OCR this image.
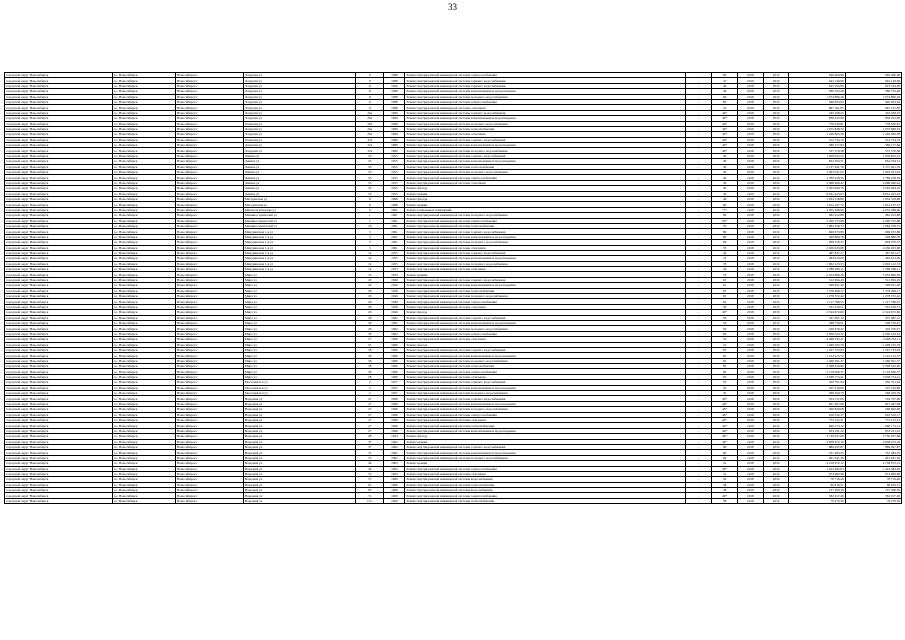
33
городской округ Новосибирск	г.о. Новосибирск	Новосибирск г	Лазурная ул	9	1988	Ремонт внутридомовой инженерной системы электроснабжения	-	60	2018	2019	949 460,98	949 460,98
городской округ Новосибирск	г.о. Новосибирск	Новосибирск г	Лазурная ул	9	1988	Ремонт внутридомовой инженерной системы горячего водоснабжения	-	47	2019	2019	944 149,69	944 149,69
городской округ Новосибирск	г.о. Новосибирск	Новосибирск г	Лазурная ул	11	1990	Ремонт внутридомовой инженерной системы горячего водоснабжения	-	46	2018	2019	623 794,99	623 794,99
городской округ Новосибирск	г.о. Новосибирск	Новосибирск г	Лазурная ул	11	1989	Ремонт внутридомовой инженерной системы канализования и водоотведения	-	46	2018	2019	580 763,48	580 763,48
городской округ Новосибирск	г.о. Новосибирск	Новосибирск г	Лазурная ул	11	1988	Ремонт внутридомовой инженерной системы холодного водоснабжения	-	60	2018	2019	1 074 896,26	1 074 896,26
городской округ Новосибирск	г.о. Новосибирск	Новосибирск г	Лазурная ул	11	1988	Ремонт внутридомовой инженерной системы электроснабжения	-	60	2018	2019	940 003,04	940 003,04
городской округ Новосибирск	г.о. Новосибирск	Новосибирск г	Лазурная ул	11	1988	Ремонт внутридомовой инженерной системы отопления	-	41	2018	2019	687 161,85	687 161,85
городской округ Новосибирск	г.о. Новосибирск	Новосибирск г	Лазурная ул	26а	1999	Ремонт внутридомовой инженерной системы горячего водоснабжения	-	46*	2018	2019	435 458,25	435 458,25
городской округ Новосибирск	г.о. Новосибирск	Новосибирск г	Лазурная ул	26а	1999	Ремонт внутридомовой инженерной системы канализования и водоотведения	-	49*	2018	2019	858 222,99	858 222,99
городской округ Новосибирск	г.о. Новосибирск	Новосибирск г	Лазурная ул	26а	1999	Ремонт внутридомовой инженерной системы холодного водоснабжения	-	46*	2018	2019	778 330,81	778 330,81
городской округ Новосибирск	г.о. Новосибирск	Новосибирск г	Лазурная ул	26а	1999	Ремонт внутридомовой инженерной системы теплоснабжения	-	40*	2019	2019	1 075 848,33	1 075 848,33
городской округ Новосибирск	г.о. Новосибирск	Новосибирск г	Лазурная ул	26а	1999	Ремонт внутридомовой инженерной системы отопления	-	40*	2019	2019	1 246 663,58	1 246 663,58
городской округ Новосибирск	г.о. Новосибирск	Новосибирск г	Лазурная ул	32а	1980	Ремонт внутридомовой инженерной системы горячего водоснабжения	-	46*	2018	2019	472 754,79	472 754,79
городской округ Новосибирск	г.о. Новосибирск	Новосибирск г	Лазурная ул	32а	1980	Ремонт внутридомовой инженерной системы канализования и водоотведения	-	49*	2018	2019	580 177,84	580 177,84
городской округ Новосибирск	г.о. Новосибирск	Новосибирск г	Лазурная ул	32а	1980	Ремонт внутридомовой инженерной системы холодного водоснабжения	-	46*	2018	2019	537 570,38	537 570,38
городской округ Новосибирск	г.о. Новосибирск	Новосибирск г	Ленина ул	53	1955	Ремонт внутридомовой инженерной системы горячего водоснабжения	-	30	2018	2019	1 058 652,22	1 058 652,22
городской округ Новосибирск	г.о. Новосибирск	Новосибирск г	Ленина ул	53	1955	Ремонт внутридомовой инженерной системы канализования и водоотведения	-	30	2018	2019	854 764,51	854 764,51
городской округ Новосибирск	г.о. Новосибирск	Новосибирск г	Ленина ул	53	1955	Ремонт внутридомовой инженерной системы теплоснабжения	-	30	2018	2019	2 137 941,76	2 137 941,76
городской округ Новосибирск	г.о. Новосибирск	Новосибирск г	Ленина ул	53	1955	Ремонт внутридомовой инженерной системы холодного водоснабжения	-	30	2018	2019	1 293 031,92	1 293 031,92
городской округ Новосибирск	г.о. Новосибирск	Новосибирск г	Ленина ул	53	1955	Ремонт внутридомовой инженерной системы электроснабжения	-	30	2018	2019	1 789 258,59	1 789 258,59
городской округ Новосибирск	г.о. Новосибирск	Новосибирск г	Ленина ул	53	1955	Ремонт внутридомовой инженерной системы отопления	-	30	2019	2019	2 068 490,42	2 068 490,42
городской округ Новосибирск	г.о. Новосибирск	Новосибирск г	Ленина ул	53	1955	Ремонт фасада	-	30	2018	2019	5 563 094,76	5 563 094,76
городской округ Новосибирск	г.о. Новосибирск	Новосибирск г	Ленина ул	53	1955	Ремонт крыши	-	30	2019	2019	8 031 423,03	8 031 423,03
городской округ Новосибирск	г.о. Новосибирск	Новосибирск г	Магаданская ул	8	1988	Ремонт фасада	-	49	2018	2019	1 934 518,86	1 934 518,86
городской округ Новосибирск	г.о. Новосибирск	Новосибирск г	Магаданская ул	8	1988	Ремонт крыши	-	60	2018	2019	1 814 197,72	1 814 197,72
городской округ Новосибирск	г.о. Новосибирск	Новосибирск г	Маршала Говорова ул	9	1961	Ремонт подвальных помещений	-	77*	2018	2019	4 055 498,06	4 055 498,06
городской округ Новосибирск	г.о. Новосибирск	Новосибирск г	Машиностроителей ул	1	1961	Ремонт внутридомовой инженерной системы холодного водоснабжения	-	80	2018	2019	482 912,88	482 912,88
городской округ Новосибирск	г.о. Новосибирск	Новосибирск г	Машиностроителей ул	1	1961	Ремонт внутридомовой инженерной системы электроснабжения	-	60*	2018	2019	2 260 375,68	2 260 375,68
городской округ Новосибирск	г.о. Новосибирск	Новосибирск г	Машиностроителей ул	16	1961	Ремонт внутридомовой инженерной системы теплоснабжения	-	70	2018	2019	1 084 358,72	1 084 358,72
городской округ Новосибирск	г.о. Новосибирск	Новосибирск г	Мичуринская 1-я ул	3	1961	Ремонт внутридомовой инженерной системы горячего водоснабжения	-	80	2018	2019	669 673,86	669 673,86
городской округ Новосибирск	г.о. Новосибирск	Новосибирск г	Мичуринская 1-я ул	3	1961	Ремонт внутридомовой инженерной системы канализования и водоотведения	-	80	2018	2019	598 880,78	598 880,78
городской округ Новосибирск	г.о. Новосибирск	Новосибирск г	Мичуринская 1-я ул	3	1961	Ремонт внутридомовой инженерной системы холодного водоснабжения	-	69	2018	2019	828 370,37	828 370,37
городской округ Новосибирск	г.о. Новосибирск	Новосибирск г	Мичуринская 1-я ул	3	1961	Ремонт внутридомовой инженерной системы отопления	-	70	2018	2019	2 456 023,68	2 456 023,68
городской округ Новосибирск	г.о. Новосибирск	Новосибирск г	Мичуринская 1-я ул	14	1955	Ремонт внутридомовой инженерной системы горячего водоснабжения	-	30	2018	2019	487 831,27	487 831,27
городской округ Новосибирск	г.о. Новосибирск	Новосибирск г	Мичуринская 1-я ул	14	1955	Ремонт внутридомовой инженерной системы канализования и водоотведения	-	31	2018	2019	494 613,09	494 613,09
городской округ Новосибирск	г.о. Новосибирск	Новосибирск г	Мичуринская 1-я ул	14	1955	Ремонт внутридомовой инженерной системы холодного водоснабжения	-	78	2018	2019	1 002 123,53	1 002 123,53
городской округ Новосибирск	г.о. Новосибирск	Новосибирск г	Мичуринская 1-я ул	14	1955	Ремонт внутридомовой инженерной системы отопления	-	30	2018	2019	1 280 296,11	1 280 296,11
городской округ Новосибирск	г.о. Новосибирск	Новосибирск г	Мира ул	16	1953	Ремонт крыши	-	70	2018	2019	5 452 896,36	5 452 896,36
городской округ Новосибирск	г.о. Новосибирск	Новосибирск г	Мира ул	29	1949	Ремонт внутридомовой инженерной системы горячего водоснабжения	-	65	2018	2019	512 994,29	512 994,29
городской округ Новосибирск	г.о. Новосибирск	Новосибирск г	Мира ул	29	1949	Ремонт внутридомовой инженерной системы канализования и водоотведения	-	61	2018	2019	599 631,46	599 631,46
городской округ Новосибирск	г.о. Новосибирск	Новосибирск г	Мира ул	29	1949	Ремонт внутридомовой инженерной системы теплоснабжения	-	65	2018	2019	1 378 208,17	1 378 208,17
городской округ Новосибирск	г.о. Новосибирск	Новосибирск г	Мира ул	29	1949	Ремонт внутридомовой инженерной системы холодного водоснабжения	-	65	2018	2019	1 278 372,42	1 278 372,42
городской округ Новосибирск	г.о. Новосибирск	Новосибирск г	Мира ул	29	1949	Ремонт внутридомовой инженерной системы электроснабжения	-	65	2018	2019	1 117 786,55	1 117 786,55
городской округ Новосибирск	г.о. Новосибирск	Новосибирск г	Мира ул	29	1949	Ремонт внутридомовой инженерной системы отопления	-	59	2018	2019	761 018,51	761 018,51
городской округ Новосибирск	г.о. Новосибирск	Новосибирск г	Мира ул	29	1949	Ремонт фасада	-	40*	2018	2019	2 524 672,69	2 524 672,69
городской округ Новосибирск	г.о. Новосибирск	Новосибирск г	Мира ул	36	1962	Ремонт внутридомовой инженерной системы горячего водоснабжения	-	56	2018	2019	337 487,12	337 487,12
городской округ Новосибирск	г.о. Новосибирск	Новосибирск г	Мира ул	36	1962	Ремонт внутридомовой инженерной системы канализования и водоотведения	-	56	2018	2019	298 756,91	298 756,91
городской округ Новосибирск	г.о. Новосибирск	Новосибирск г	Мира ул	36	1962	Ремонт внутридомовой инженерной системы холодного водоснабжения	-	59	2018	2019	320 470,47	320 470,47
городской округ Новосибирск	г.о. Новосибирск	Новосибирск г	Мира ул	36	1962	Ремонт внутридомовой инженерной системы электроснабжения	-	60	2018	2019	2 206 554,52	2 206 554,52
городской округ Новосибирск	г.о. Новосибирск	Новосибирск г	Мира ул	57	1966	Ремонт внутридомовой инженерной системы отопления	-	32	2018	2019	4 468 232,11	4 468 232,11
городской округ Новосибирск	г.о. Новосибирск	Новосибирск г	Мира ул	57	1966	Ремонт фасада	-	31	2018	2019	1 299 195,76	1 299 195,76
городской округ Новосибирск	г.о. Новосибирск	Новосибирск г	Мира ул	58	1966	Ремонт внутридомовой инженерной системы горячего водоснабжения	-	65	2018	2019	1 167 723,03	1 167 723,03
городской округ Новосибирск	г.о. Новосибирск	Новосибирск г	Мира ул	58	1966	Ремонт внутридомовой инженерной системы канализования и водоотведения	-	65	2018	2019	1 124 123,72	1 124 123,72
городской округ Новосибирск	г.о. Новосибирск	Новосибирск г	Мира ул	58	1966	Ремонт внутридомовой инженерной системы холодного водоснабжения	-	65	2018	2019	1 266 591,37	1 266 591,37
городской округ Новосибирск	г.о. Новосибирск	Новосибирск г	Мира ул	58	1966	Ремонт внутридомовой инженерной системы теплоснабжения	-	65	2018	2019	2 398 619,90	2 398 619,90
городской округ Новосибирск	г.о. Новосибирск	Новосибирск г	Мира ул	58	1966	Ремонт внутридомовой инженерной системы электроснабжения	-	60	2018	2019	2 718 560,37	2 718 560,37
городской округ Новосибирск	г.о. Новосибирск	Новосибирск г	Мира ул	58	1966	Ремонт внутридомовой инженерной системы отопления	-	65	2018	2019	3 038 774,41	3 038 774,41
городской округ Новосибирск	г.о. Новосибирск	Новосибирск г	Мостовая 6-я ул	2	1957	Ремонт внутридомовой инженерной системы горячего водоснабжения	-	35	2018	2019	456 701,04	456 701,04
городской округ Новосибирск	г.о. Новосибирск	Новосибирск г	Мостовая 6-я ул	2	1957	Ремонт внутридомовой инженерной системы канализования и водоотведения	-	35	2018	2019	525 216,80	525 216,80
городской округ Новосибирск	г.о. Новосибирск	Новосибирск г	Мостовая 6-я ул	2	1957	Ремонт внутридомовой инженерной системы холодного водоснабжения	-	35	2018	2019	568 450,79	568 450,79
городской округ Новосибирск	г.о. Новосибирск	Новосибирск г	Народная ул	27	1996	Ремонт внутридомовой инженерной системы горячего водоснабжения	-	46*	2018	2019	704 737,06	704 737,06
городской округ Новосибирск	г.о. Новосибирск	Новосибирск г	Народная ул	27	1996	Ремонт внутридомовой инженерной системы канализования и водоотведения	-	49*	2018	2019	821 467,98	821 467,98
городской округ Новосибирск	г.о. Новосибирск	Новосибирск г	Народная ул	27	1996	Ремонт внутридомовой инженерной системы холодного водоснабжения	-	46*	2018	2019	569 820,08	569 820,08
городской округ Новосибирск	г.о. Новосибирск	Новосибирск г	Народная ул	27	1996	Ремонт внутридомовой инженерной системы электроснабжения	-	46*	2018	2019	616 532,17	616 532,17
городской округ Новосибирск	г.о. Новосибирск	Новосибирск г	Народная ул	27	1996	Ремонт внутридомовой инженерной системы отопления	-	40*	2019	2019	773 122,21	773 122,21
городской округ Новосибирск	г.о. Новосибирск	Новосибирск г	Народная ул	27	1996	Ремонт внутридомовой инженерной системы теплоснабжения	-	40*	2019	2019	660 173,12	660 173,12
городской округ Новосибирск	г.о. Новосибирск	Новосибирск г	Народная ул	27	1996	Ремонт внутридомовой инженерной системы канализования и водоотведения	-	49*	2019	2019	653 231,22	653 231,22
городской округ Новосибирск	г.о. Новосибирск	Новосибирск г	Народная ул	28	1994	Ремонт фасада	-	49*	2018	2019	3 730 657,68	3 730 657,68
городской округ Новосибирск	г.о. Новосибирск	Новосибирск г	Народная ул	37	1962	Ремонт крыши	-	49*	2018	2019	3 958 472,19	3 958 472,19
городской округ Новосибирск	г.о. Новосибирск	Новосибирск г	Народная ул	37	1962	Ремонт внутридомовой инженерной системы горячего водоснабжения	-	60	2018	2019	889 047,87	889 047,87
городской округ Новосибирск	г.о. Новосибирск	Новосибирск г	Народная ул	37	1962	Ремонт внутридомовой инженерной системы канализования и водоотведения	-	60	2018	2019	767 483,25	767 483,25
городской округ Новосибирск	г.о. Новосибирск	Новосибирск г	Народная ул	37	1962	Ремонт внутридомовой инженерной системы холодного водоснабжения	-	60	2018	2019	961 941,36	961 941,36
городской округ Новосибирск	г.о. Новосибирск	Новосибирск г	Народная ул	46	1963	Ремонт крыши	-	41	2018	2019	4 158 972,12	4 158 972,12
городской округ Новосибирск	г.о. Новосибирск	Новосибирск г	Народная ул	46	1963	Ремонт внутридомовой инженерной системы электроснабжения	-	40*	2018	2019	1 423 482,03	1 423 482,03
городской округ Новосибирск	г.о. Новосибирск	Новосибирск г	Народная ул	53	1963	Ремонт внутридомовой инженерной системы отопления	-	31	2018	2019	974 982,98	974 982,98
городской округ Новосибирск	г.о. Новосибирск	Новосибирск г	Народная ул	57	1969	Ремонт внутридомовой инженерной системы водоснабжения	-	50	2018	2019	78 719,46	78 719,46
городской округ Новосибирск	г.о. Новосибирск	Новосибирск г	Народная ул	61	1969	Ремонт внутридомовой инженерной системы теплоснабжения	-	38	2018	2019	86 816,51	86 816,51
городской округ Новосибирск	г.о. Новосибирск	Новосибирск г	Народная ул	63	1969	Ремонт внутридомовой инженерной системы водоснабжения	-	38	2018	2019	137 306,39	137 306,39
городской округ Новосибирск	г.о. Новосибирск	Новосибирск г	Народная ул	71	1969	Ремонт внутридомовой инженерной системы электроснабжения	-	40*	2018	2019	582 017,49	582 017,49
городской округ Новосибирск	г.о. Новосибирск	Новосибирск г	Народная ул	71/1	1969	Ремонт внутридомовой инженерной системы теплоснабжения	-	38	2018	2019	79 279,59	79 279,59
